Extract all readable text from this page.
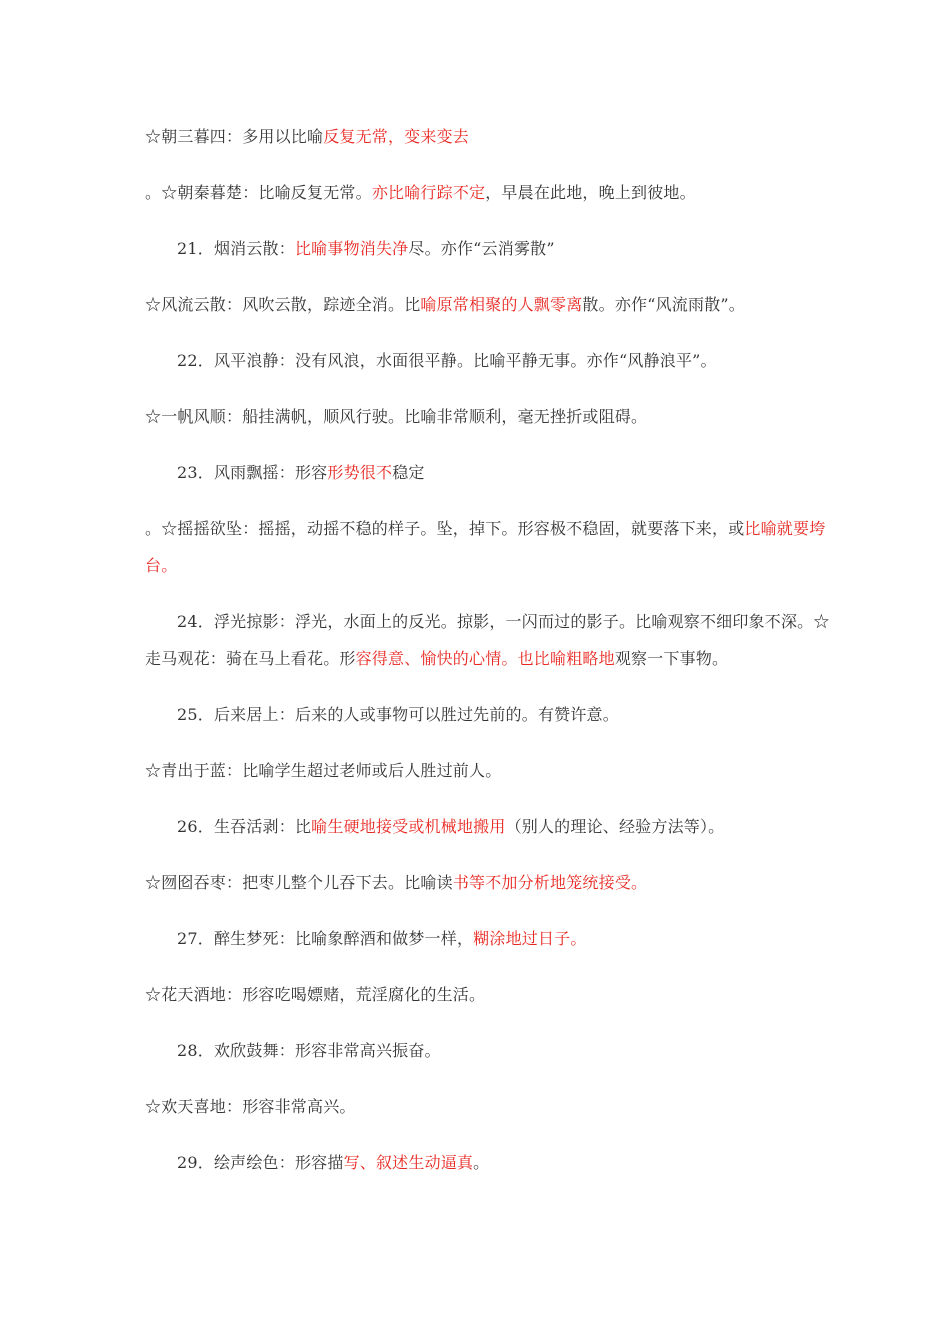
☆朝三暮四：多用以比喻反复无常，变来变去
。☆朝秦暮楚：比喻反复无常。亦比喻行踪不定，早晨在此地，晚上到彼地。
21．烟消云散：比喻事物消失净尽。亦作“云消雾散”
☆风流云散：风吹云散，踪迹全消。比喻原常相聚的人飘零离散。亦作“风流雨散”。
22．风平浪静：没有风浪，水面很平静。比喻平静无事。亦作“风静浪平”。
☆一帆风顺：船挂满帆，顺风行驶。比喻非常顺利，毫无挫折或阻碍。
23．风雨飘摇：形容形势很不稳定
。☆摇摇欲坠：摇摇，动摇不稳的样子。坠，掉下。形容极不稳固，就要落下来，或比喻就要垮
台。
24．浮光掠影：浮光，水面上的反光。掠影，一闪而过的影子。比喻观察不细印象不深。☆
走马观花：骑在马上看花。形容得意、愉快的心情。也比喻粗略地观察一下事物。
25．后来居上：后来的人或事物可以胜过先前的。有赞许意。
☆青出于蓝：比喻学生超过老师或后人胜过前人。
26．生吞活剥：比喻生硬地接受或机械地搬用（别人的理论、经验方法等）。
☆囫囵吞枣：把枣儿整个儿吞下去。比喻读书等不加分析地笼统接受。
27．醉生梦死：比喻象醉酒和做梦一样，糊涂地过日子。
☆花天酒地：形容吃喝嫖赌，荒淫腐化的生活。
28．欢欣鼓舞：形容非常高兴振奋。
☆欢天喜地：形容非常高兴。
29．绘声绘色：形容描写、叙述生动逼真。
